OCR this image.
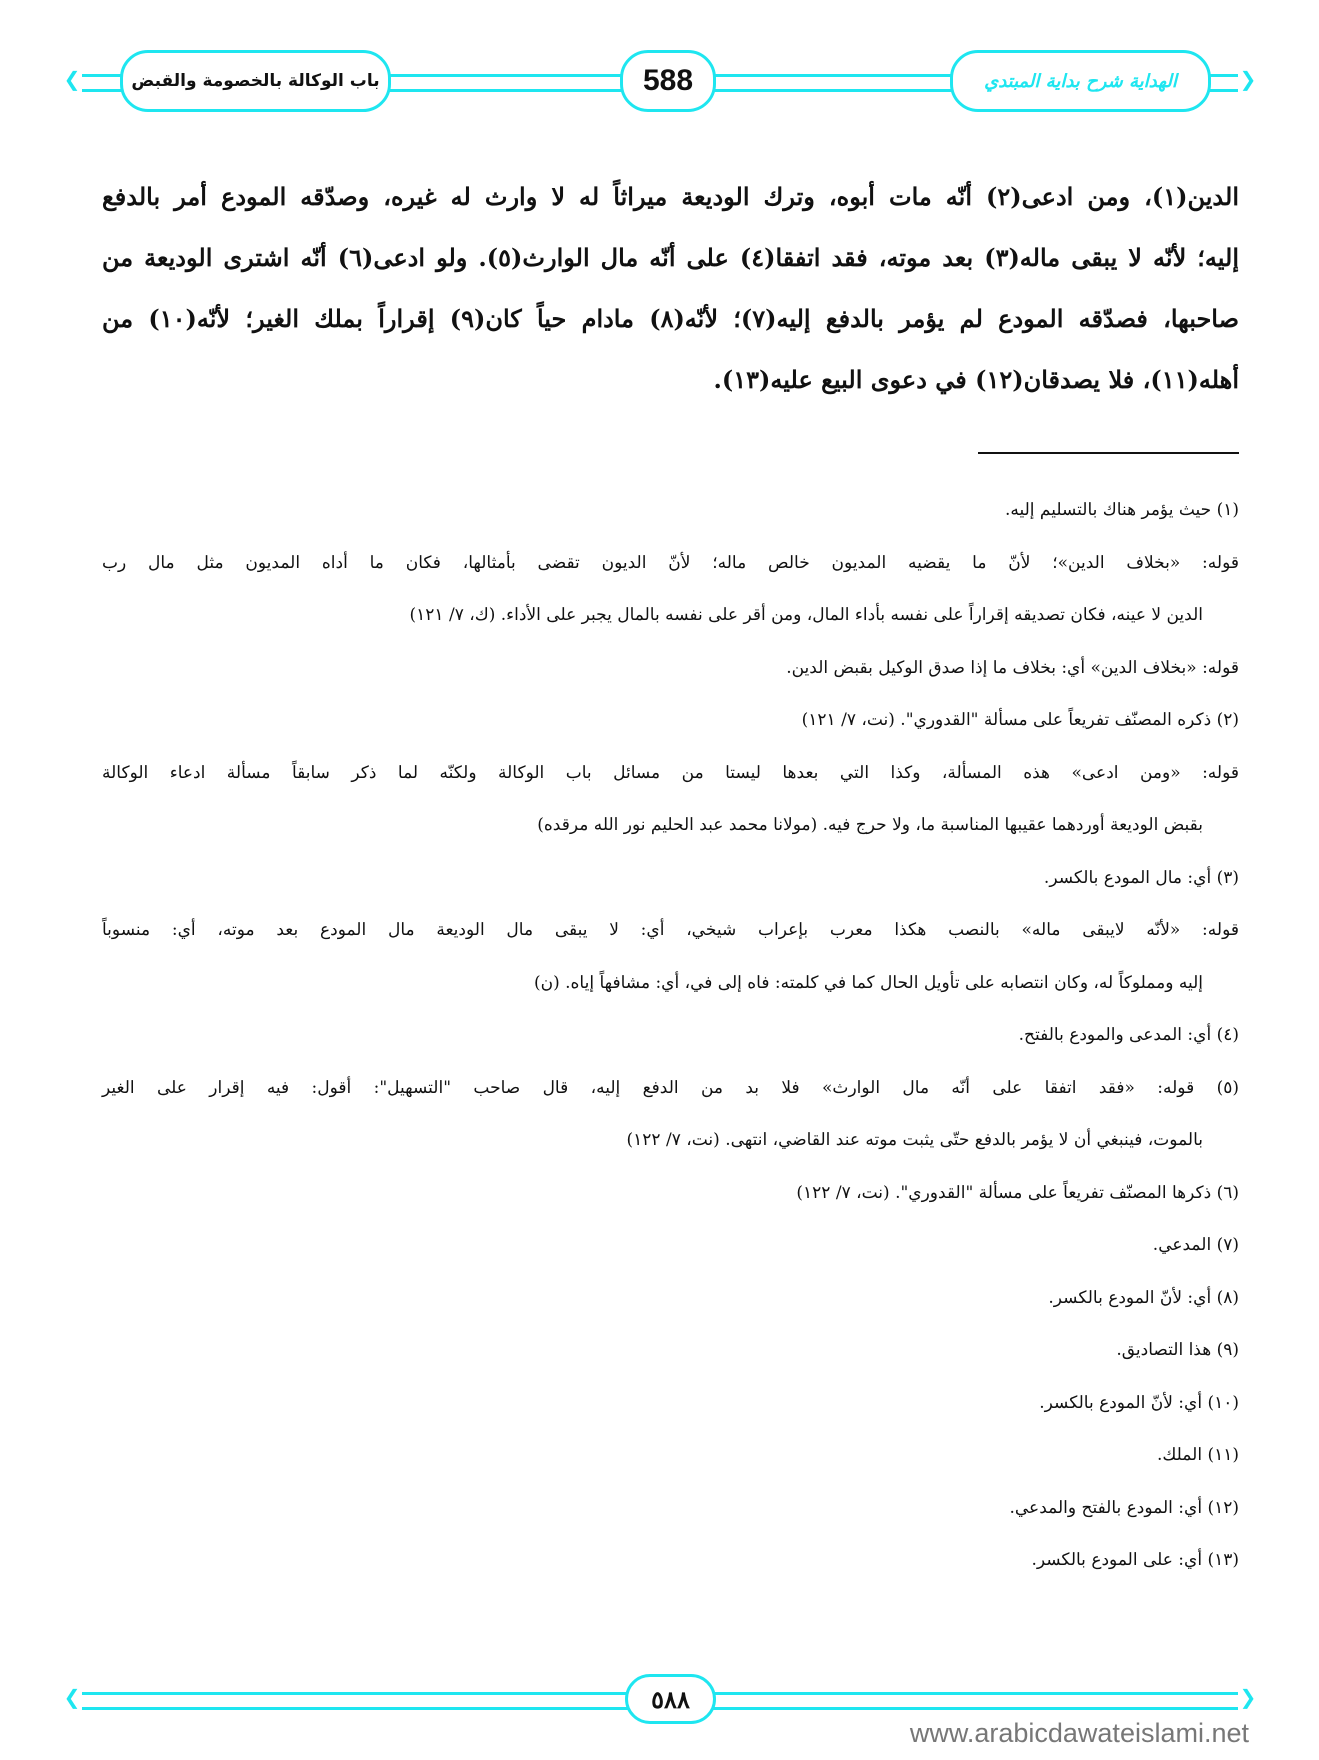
❮	❯
باب الوكالة بالخصومة والقبض	588	الهداية شرح بداية المبتدي
الدين(١)، ومن ادعى(٢) أنّه مات أبوه، وترك الوديعة ميراثاً له لا وارث له غيره، وصدّقه المودع أمر بالدفع
إليه؛ لأنّه لا يبقى ماله(٣) بعد موته، فقد اتفقا(٤) على أنّه مال الوارث(٥). ولو ادعى(٦) أنّه اشترى الوديعة من
صاحبها، فصدّقه المودع لم يؤمر بالدفع إليه(٧)؛ لأنّه(٨) مادام حياً كان(٩) إقراراً بملك الغير؛ لأنّه(١٠) من
أهله(١١)، فلا يصدقان(١٢) في دعوى البيع عليه(١٣).
(١) حيث يؤمر هناك بالتسليم إليه.
قوله: «بخلاف الدين»؛ لأنّ ما يقضيه المديون خالص ماله؛ لأنّ الديون تقضى بأمثالها، فكان ما أداه المديون مثل مال رب
الدين لا عينه، فكان تصديقه إقراراً على نفسه بأداء المال، ومن أقر على نفسه بالمال يجبر على الأداء. (ك، ٧/ ١٢١)
قوله: «بخلاف الدين» أي: بخلاف ما إذا صدق الوكيل بقبض الدين.
(٢) ذكره المصنّف تفريعاً على مسألة "القدوري". (نت، ٧/ ١٢١)
قوله: «ومن ادعى» هذه المسألة، وكذا التي بعدها ليستا من مسائل باب الوكالة ولكنّه لما ذكر سابقاً مسألة ادعاء الوكالة
بقبض الوديعة أوردهما عقيبها المناسبة ما، ولا حرج فيه. (مولانا محمد عبد الحليم نور الله مرقده)
(٣) أي: مال المودع بالكسر.
قوله: «لأنّه لايبقى ماله» بالنصب هكذا معرب بإعراب شيخي، أي: لا يبقى مال الوديعة مال المودع بعد موته، أي: منسوباً
إليه ومملوكاً له، وكان انتصابه على تأويل الحال كما في كلمته: فاه إلى في، أي: مشافهاً إياه. (ن)
(٤) أي: المدعى والمودع بالفتح.
(٥) قوله: «فقد اتفقا على أنّه مال الوارث» فلا بد من الدفع إليه، قال صاحب "التسهيل": أقول: فيه إقرار على الغير
بالموت، فينبغي أن لا يؤمر بالدفع حتّى يثبت موته عند القاضي، انتهى. (نت، ٧/ ١٢٢)
(٦) ذكرها المصنّف تفريعاً على مسألة "القدوري". (نت، ٧/ ١٢٢)
(٧) المدعي.
(٨) أي: لأنّ المودع بالكسر.
(٩) هذا التصاديق.
(١٠) أي: لأنّ المودع بالكسر.
(١١) الملك.
(١٢) أي: المودع بالفتح والمدعي.
(١٣) أي: على المودع بالكسر.
❮	❯
٥٨٨
www.arabicdawateislami.net
